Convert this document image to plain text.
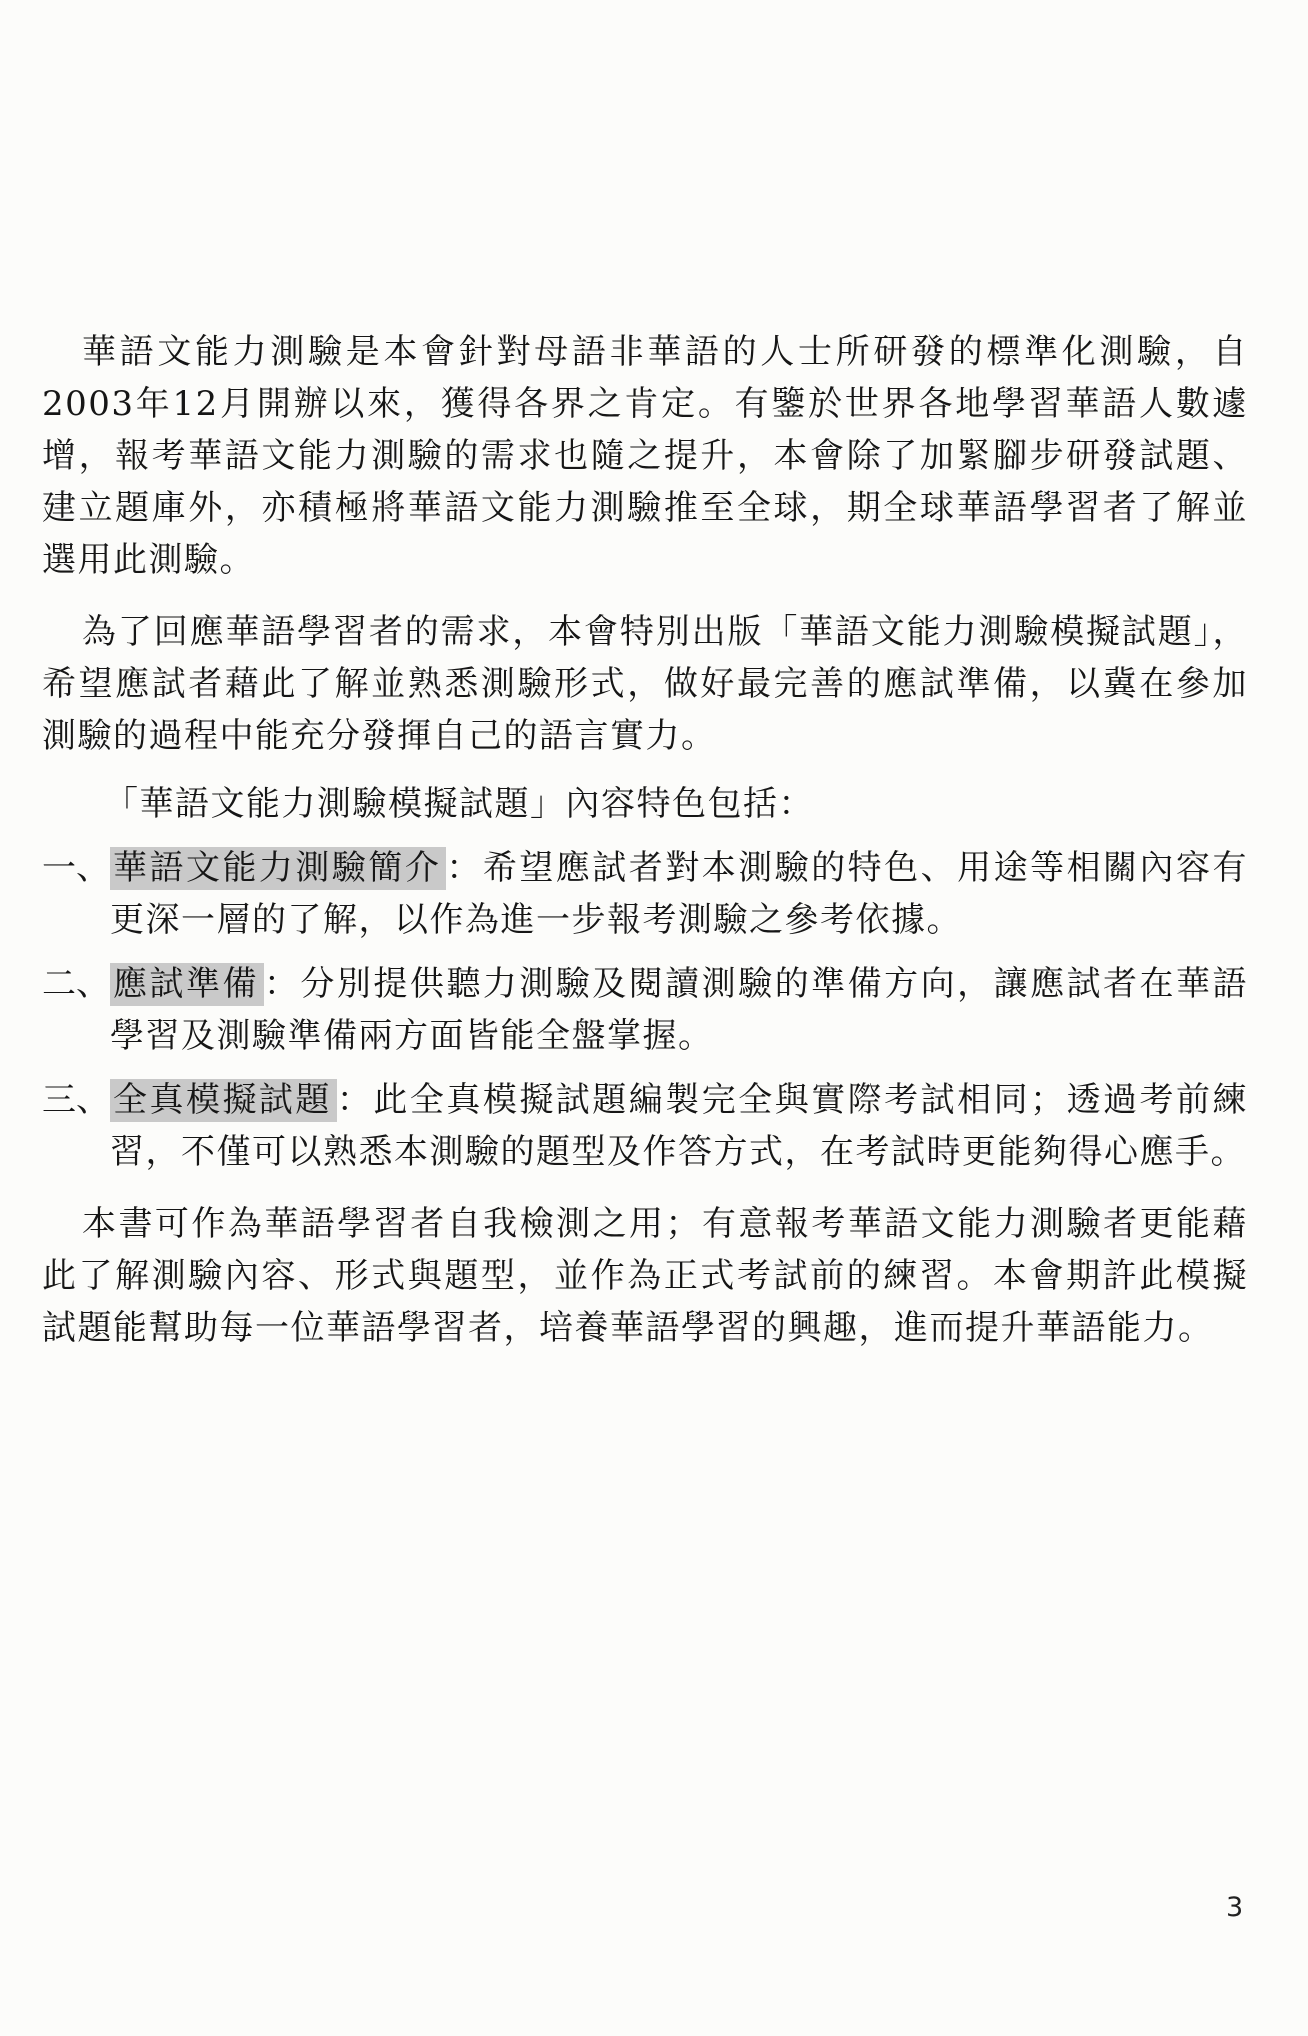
華語文能力測驗是本會針對母語非華語的人士所研發的標準化測驗，自2003年12月開辦以來，獲得各界之肯定。有鑒於世界各地學習華語人數遽增，報考華語文能力測驗的需求也隨之提升，本會除了加緊腳步研發試題、建立題庫外，亦積極將華語文能力測驗推至全球，期全球華語學習者了解並選用此測驗。

為了回應華語學習者的需求，本會特別出版「華語文能力測驗模擬試題」，希望應試者藉此了解並熟悉測驗形式，做好最完善的應試準備，以冀在參加測驗的過程中能充分發揮自己的語言實力。

「華語文能力測驗模擬試題」內容特色包括：

一、 華語文能力測驗簡介 ：希望應試者對本測驗的特色、用途等相關內容有更深一層的了解，以作為進一步報考測驗之參考依據。
二、 應試準備 ：分別提供聽力測驗及閱讀測驗的準備方向，讓應試者在華語學習及測驗準備兩方面皆能全盤掌握。
三、 全真模擬試題 ：此全真模擬試題編製完全與實際考試相同；透過考前練習，不僅可以熟悉本測驗的題型及作答方式，在考試時更能夠得心應手。

本書可作為華語學習者自我檢測之用；有意報考華語文能力測驗者更能藉此了解測驗內容、形式與題型，並作為正式考試前的練習。本會期許此模擬試題能幫助每一位華語學習者，培養華語學習的興趣，進而提升華語能力。

3
